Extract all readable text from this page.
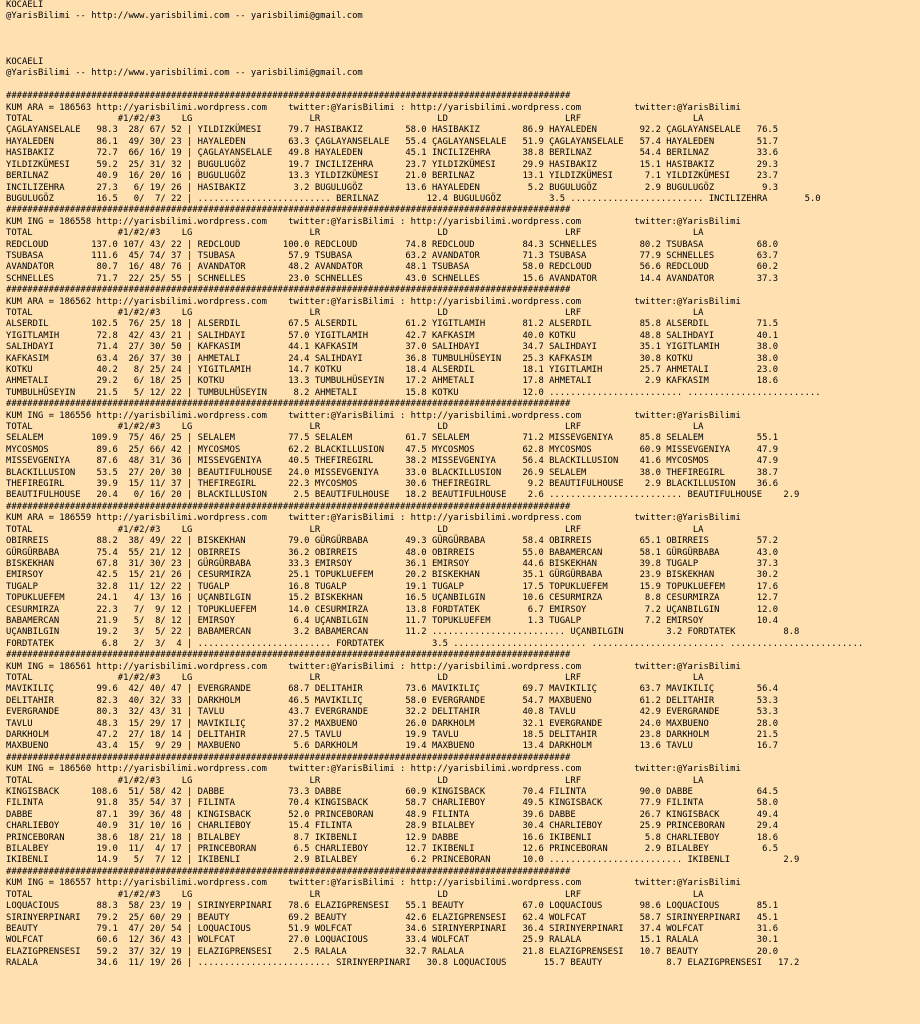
KOCAELI
@YarisBilimi -- http://www.yarisbilimi.com -- yarisbilimi@gmail.com
KOCAELI
@YarisBilimi -- http://www.yarisbilimi.com -- yarisbilimi@gmail.com
##########################################################################################################
KUM ARA = 186563 http://yarisbilimi.wordpress.com    twitter:@YarisBilimi : http://yarisbilimi.wordpress.com          twitter:@YarisBilimi
TOTAL                #1/#2/#3    LG                      LR                      LD                      LRF                     LA
ÇAGLAYANSELALE   98.3  28/ 67/ 52 | YILDIZKÜMESI     79.7 HASIBAKIZ        58.0 HASIBAKIZ        86.9 HAYALEDEN        92.2 ÇAGLAYANSELALE   76.5
HAYALEDEN        86.1  49/ 30/ 23 | HAYALEDEN        63.3 ÇAGLAYANSELALE   55.4 ÇAGLAYANSELALE   51.9 ÇAGLAYANSELALE   57.4 HAYALEDEN        51.7
HASIBAKIZ        72.7  66/ 16/ 19 | ÇAGLAYANSELALE   49.8 HAYALEDEN        45.1 INCILIZEHRA      38.8 BERILNAZ         54.4 BERILNAZ         33.6
YILDIZKÜMESI     59.2  25/ 31/ 32 | BUGULUGÖZ        19.7 INCILIZEHRA      23.7 YILDIZKÜMESI     29.9 HASIBAKIZ        15.1 HASIBAKIZ        29.3
BERILNAZ         40.9  16/ 20/ 16 | BUGULUGÖZ        13.3 YILDIZKÜMESI     21.0 BERILNAZ         13.1 YILDIZKÜMESI      7.1 YILDIZKÜMESI     23.7
INCILIZEHRA      27.3   6/ 19/ 26 | HASIBAKIZ         3.2 BUGULUGÖZ        13.6 HAYALEDEN         5.2 BUGULUGÖZ         2.9 BUGULUGÖZ         9.3
BUGULUGÖZ        16.5   0/  7/ 22 | ......................... BERILNAZ         12.4 BUGULUGÖZ         3.5 ......................... INCILIZEHRA       5.0
##########################################################################################################
KUM ING = 186558 http://yarisbilimi.wordpress.com    twitter:@YarisBilimi : http://yarisbilimi.wordpress.com          twitter:@YarisBilimi
TOTAL                #1/#2/#3    LG                      LR                      LD                      LRF                     LA
REDCLOUD        137.0 107/ 43/ 22 | REDCLOUD        100.0 REDCLOUD         74.8 REDCLOUD         84.3 SCHNELLES        80.2 TSUBASA          68.0
TSUBASA         111.6  45/ 74/ 37 | TSUBASA          57.9 TSUBASA          63.2 AVANDATOR        71.3 TSUBASA          77.9 SCHNELLES        63.7
AVANDATOR        80.7  16/ 48/ 76 | AVANDATOR        48.2 AVANDATOR        48.1 TSUBASA          58.0 REDCLOUD         56.6 REDCLOUD         60.2
SCHNELLES        71.7  22/ 25/ 55 | SCHNELLES        23.0 SCHNELLES        43.0 SCHNELLES        15.6 AVANDATOR        14.4 AVANDATOR        37.3
##########################################################################################################
KUM ARA = 186562 http://yarisbilimi.wordpress.com    twitter:@YarisBilimi : http://yarisbilimi.wordpress.com          twitter:@YarisBilimi
TOTAL                #1/#2/#3    LG                      LR                      LD                      LRF                     LA
ALSERDIL        102.5  76/ 25/ 18 | ALSERDIL         67.5 ALSERDIL         61.2 YIGITLAMIH       81.2 ALSERDIL         85.8 ALSERDIL         71.5
YIGITLAMIH       72.8  42/ 43/ 21 | SALIHDAYI        57.0 YIGITLAMIH       42.7 KAFKASIM         40.0 KOTKU            48.8 SALIHDAYI        40.1
SALIHDAYI        71.4  27/ 30/ 50 | KAFKASIM         44.1 KAFKASIM         37.0 SALIHDAYI        34.7 SALIHDAYI        35.1 YIGITLAMIH       38.0
KAFKASIM         63.4  26/ 37/ 30 | AHMETALI         24.4 SALIHDAYI        36.8 TUMBULHÜSEYIN    25.3 KAFKASIM         30.8 KOTKU            38.0
KOTKU            40.2   8/ 25/ 24 | YIGITLAMIH       14.7 KOTKU            18.4 ALSERDIL         18.1 YIGITLAMIH       25.7 AHMETALI         23.0
AHMETALI         29.2   6/ 18/ 25 | KOTKU            13.3 TUMBULHÜSEYIN    17.2 AHMETALI         17.8 AHMETALI          2.9 KAFKASIM         18.6
TUMBULHÜSEYIN    21.5   5/ 12/ 22 | TUMBULHÜSEYIN     8.2 AHMETALI         15.8 KOTKU            12.0 ......................... .........................
##########################################################################################################
KUM ING = 186556 http://yarisbilimi.wordpress.com    twitter:@YarisBilimi : http://yarisbilimi.wordpress.com          twitter:@YarisBilimi
TOTAL                #1/#2/#3    LG                      LR                      LD                      LRF                     LA
SELALEM         109.9  75/ 46/ 25 | SELALEM          77.5 SELALEM          61.7 SELALEM          71.2 MISSEVGENIYA     85.8 SELALEM          55.1
MYCOSMOS         89.6  25/ 66/ 42 | MYCOSMOS         62.2 BLACKILLUSION    47.5 MYCOSMOS         62.8 MYCOSMOS         60.9 MISSEVGENIYA     47.9
MISSEVGENIYA     87.6  48/ 31/ 36 | MISSEVGENIYA     40.5 THEFIREGIRL      38.2 MISSEVGENIYA     56.4 BLACKILLUSION    41.6 MYCOSMOS         47.9
BLACKILLUSION    53.5  27/ 20/ 30 | BEAUTIFULHOUSE   24.0 MISSEVGENIYA     33.0 BLACKILLUSION    26.9 SELALEM          38.0 THEFIREGIRL      38.7
THEFIREGIRL      39.9  15/ 11/ 37 | THEFIREGIRL      22.3 MYCOSMOS         30.6 THEFIREGIRL       9.2 BEAUTIFULHOUSE    2.9 BLACKILLUSION    36.6
BEAUTIFULHOUSE   20.4   0/ 16/ 20 | BLACKILLUSION     2.5 BEAUTIFULHOUSE   18.2 BEAUTIFULHOUSE    2.6 ......................... BEAUTIFULHOUSE    2.9
##########################################################################################################
KUM ARA = 186559 http://yarisbilimi.wordpress.com    twitter:@YarisBilimi : http://yarisbilimi.wordpress.com          twitter:@YarisBilimi
TOTAL                #1/#2/#3    LG                      LR                      LD                      LRF                     LA
OBIRREIS         88.2  38/ 49/ 22 | BISKEKHAN        79.0 GÜRGÜRBABA       49.3 GÜRGÜRBABA       58.4 OBIRREIS         65.1 OBIRREIS         57.2
GÜRGÜRBABA       75.4  55/ 21/ 12 | OBIRREIS         36.2 OBIRREIS         48.0 OBIRREIS         55.0 BABAMERCAN       58.1 GÜRGÜRBABA       43.0
BISKEKHAN        67.8  31/ 30/ 23 | GÜRGÜRBABA       33.3 EMIRSOY          36.1 EMIRSOY          44.6 BISKEKHAN        39.8 TUGALP           37.3
EMIRSOY          42.5  15/ 21/ 26 | CESURMIRZA       25.1 TOPUKLUEFEM      20.2 BISKEKHAN        35.1 GÜRGÜRBABA       23.9 BISKEKHAN        30.2
TUGALP           32.8  11/ 12/ 22 | TUGALP           16.8 TUGALP           19.1 TUGALP           17.5 TOPUKLUEFEM      15.9 TOPUKLUEFEM      17.6
TOPUKLUEFEM      24.1   4/ 13/ 16 | UÇANBILGIN       15.2 BISKEKHAN        16.5 UÇANBILGIN       10.6 CESURMIRZA        8.8 CESURMIRZA       12.7
CESURMIRZA       22.3   7/  9/ 12 | TOPUKLUEFEM      14.0 CESURMIRZA       13.8 FORDTATEK         6.7 EMIRSOY           7.2 UÇANBILGIN       12.0
BABAMERCAN       21.9   5/  8/ 12 | EMIRSOY           6.4 UÇANBILGIN       11.7 TOPUKLUEFEM       1.3 TUGALP            7.2 EMIRSOY          10.4
UÇANBILGIN       19.2   3/  5/ 22 | BABAMERCAN        3.2 BABAMERCAN       11.2 ......................... UÇANBILGIN        3.2 FORDTATEK         8.8
FORDTATEK         6.8   2/  3/  4 | ......................... FORDTATEK         3.5 ......................... ......................... .........................
##########################################################################################################
KUM ING = 186561 http://yarisbilimi.wordpress.com    twitter:@YarisBilimi : http://yarisbilimi.wordpress.com          twitter:@YarisBilimi
TOTAL                #1/#2/#3    LG                      LR                      LD                      LRF                     LA
MAVIKILIÇ        99.6  42/ 40/ 47 | EVERGRANDE       68.7 DELITAHIR        73.6 MAVIKILIÇ        69.7 MAVIKILIÇ        63.7 MAVIKILIÇ        56.4
DELITAHIR        82.3  40/ 32/ 33 | DARKHOLM         46.5 MAVIKILIÇ        58.0 EVERGRANDE       54.7 MAXBUENO         61.2 DELITAHIR        53.3
EVERGRANDE       80.3  32/ 43/ 31 | TAVLU            43.7 EVERGRANDE       32.2 DELITAHIR        40.8 TAVLU            42.9 EVERGRANDE       53.3
TAVLU            48.3  15/ 29/ 17 | MAVIKILIÇ        37.2 MAXBUENO         26.0 DARKHOLM         32.1 EVERGRANDE       24.0 MAXBUENO         28.0
DARKHOLM         47.2  27/ 18/ 14 | DELITAHIR        27.5 TAVLU            19.9 TAVLU            18.5 DELITAHIR        23.8 DARKHOLM         21.5
MAXBUENO         43.4  15/  9/ 29 | MAXBUENO          5.6 DARKHOLM         19.4 MAXBUENO         13.4 DARKHOLM         13.6 TAVLU            16.7
##########################################################################################################
KUM ING = 186560 http://yarisbilimi.wordpress.com    twitter:@YarisBilimi : http://yarisbilimi.wordpress.com          twitter:@YarisBilimi
TOTAL                #1/#2/#3    LG                      LR                      LD                      LRF                     LA
KINGISBACK      108.6  51/ 58/ 42 | DABBE            73.3 DABBE            60.9 KINGISBACK       70.4 FILINTA          90.0 DABBE            64.5
FILINTA          91.8  35/ 54/ 37 | FILINTA          70.4 KINGISBACK       58.7 CHARLIEBOY       49.5 KINGISBACK       77.9 FILINTA          58.0
DABBE            87.1  39/ 36/ 48 | KINGISBACK       52.0 PRINCEBORAN      48.9 FILINTA          39.6 DABBE            26.7 KINGISBACK       49.4
CHARLIEBOY       40.9  31/ 10/ 16 | CHARLIEBOY       15.4 FILINTA          28.9 BILALBEY         30.4 CHARLIEBOY       25.9 PRINCEBORAN      29.4
PRINCEBORAN      38.6  18/ 21/ 18 | BILALBEY          8.7 IKIBENLI         12.9 DABBE            16.6 IKIBENLI          5.8 CHARLIEBOY       18.6
BILALBEY         19.0  11/  4/ 17 | PRINCEBORAN       6.5 CHARLIEBOY       12.7 IKIBENLI         12.6 PRINCEBORAN       2.9 BILALBEY          6.5
IKIBENLI         14.9   5/  7/ 12 | IKIBENLI          2.9 BILALBEY          6.2 PRINCEBORAN      10.0 ......................... IKIBENLI          2.9
##########################################################################################################
KUM ING = 186557 http://yarisbilimi.wordpress.com    twitter:@YarisBilimi : http://yarisbilimi.wordpress.com          twitter:@YarisBilimi
TOTAL                #1/#2/#3    LG                      LR                      LD                      LRF                     LA
LOQUACIOUS       88.3  58/ 23/ 19 | SIRINYERPINARI   78.6 ELAZIGPRENSESI   55.1 BEAUTY           67.0 LOQUACIOUS       98.6 LOQUACIOUS       85.1
SIRINYERPINARI   79.2  25/ 60/ 29 | BEAUTY           69.2 BEAUTY           42.6 ELAZIGPRENSESI   62.4 WOLFCAT          58.7 SIRINYERPINARI   45.1
BEAUTY           79.1  47/ 20/ 54 | LOQUACIOUS       51.9 WOLFCAT          34.6 SIRINYERPINARI   36.4 SIRINYERPINARI   37.4 WOLFCAT          31.6
WOLFCAT          60.6  12/ 36/ 43 | WOLFCAT          27.0 LOQUACIOUS       33.4 WOLFCAT          25.9 RALALA           15.1 RALALA           30.1
ELAZIGPRENSESI   59.2  37/ 32/ 19 | ELAZIGPRENSESI    2.5 RALALA           32.7 RALALA           21.8 ELAZIGPRENSESI   10.7 BEAUTY           20.0
RALALA           34.6  11/ 19/ 26 | ......................... SIRINYERPINARI   30.8 LOQUACIOUS       15.7 BEAUTY            8.7 ELAZIGPRENSESI   17.2
